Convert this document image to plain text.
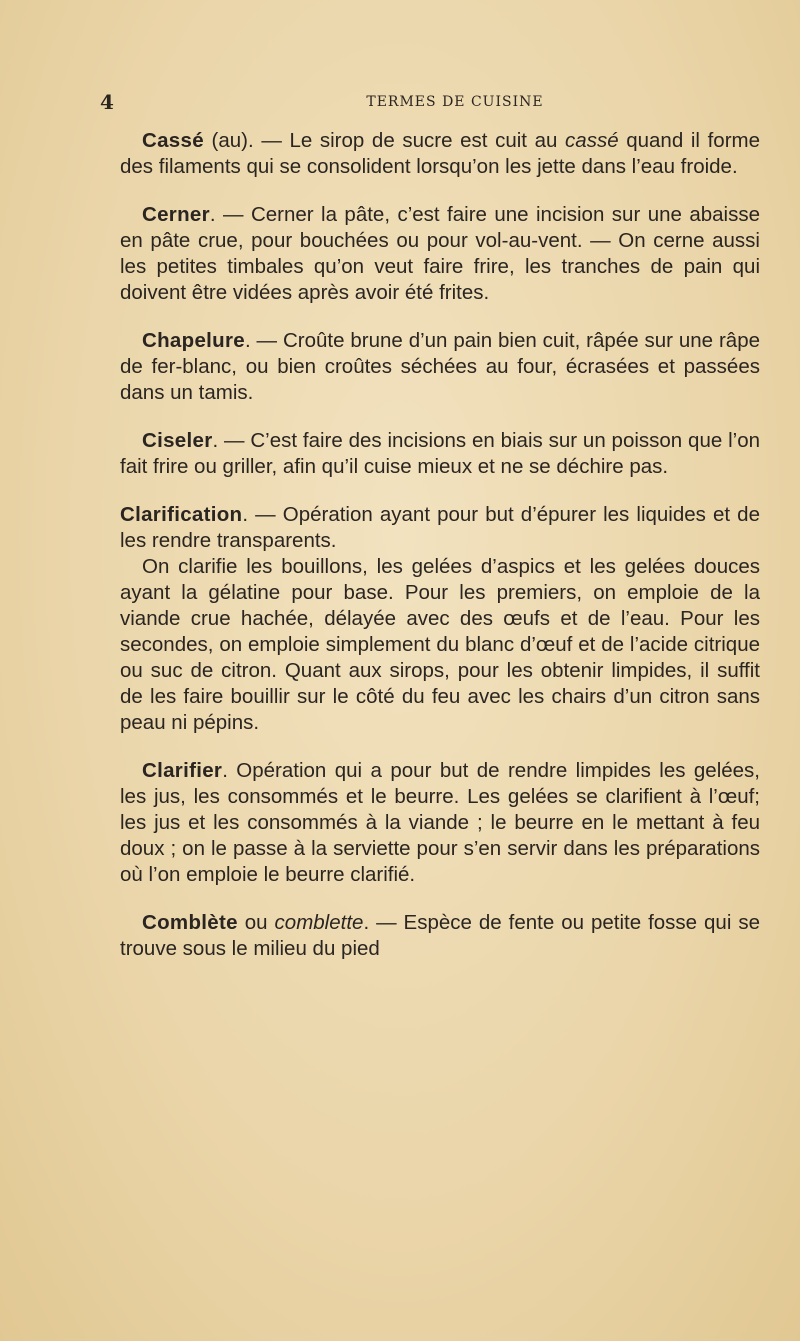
4	TERMES DE CUISINE
Cassé (au). — Le sirop de sucre est cuit au cassé quand il forme des filaments qui se consolident lorsqu’on les jette dans l’eau froide.
Cerner. — Cerner la pâte, c’est faire une incision sur une abaisse en pâte crue, pour bouchées ou pour vol-au-vent. — On cerne aussi les petites timbales qu’on veut faire frire, les tranches de pain qui doivent être vidées après avoir été frites.
Chapelure. — Croûte brune d’un pain bien cuit, râpée sur une râpe de fer-blanc, ou bien croûtes séchées au four, écrasées et passées dans un tamis.
Ciseler. — C’est faire des incisions en biais sur un poisson que l’on fait frire ou griller, afin qu’il cuise mieux et ne se déchire pas.

Clarification. — Opération ayant pour but d’épurer les liquides et de les rendre transparents.

On clarifie les bouillons, les gelées d’aspics et les gelées douces ayant la gélatine pour base. Pour les premiers, on emploie de la viande crue hachée, délayée avec des œufs et de l’eau. Pour les secondes, on emploie simplement du blanc d’œuf et de l’acide citrique ou suc de citron. Quant aux sirops, pour les obtenir limpides, il suffit de les faire bouillir sur le côté du feu avec les chairs d’un citron sans peau ni pépins.

Clarifier. Opération qui a pour but de rendre limpides les gelées, les jus, les consommés et le beurre. Les gelées se clarifient à l’œuf; les jus et les consommés à la viande ; le beurre en le mettant à feu doux ; on le passe à la serviette pour s’en servir dans les préparations où l’on emploie le beurre clarifié.
Comblète ou comblette. — Espèce de fente ou petite fosse qui se trouve sous le milieu du pied
